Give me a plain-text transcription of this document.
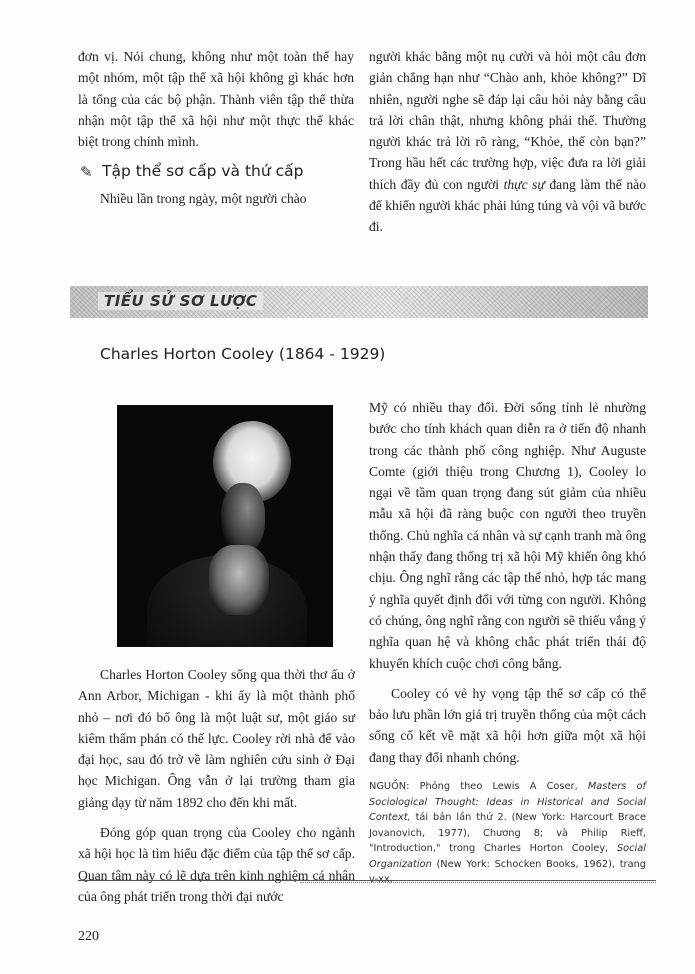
đơn vị. Nói chung, không như một toàn thể hay một nhóm, một tập thể xã hội không gì khác hơn là tổng của các bộ phận. Thành viên tập thể thừa nhận một tập thể xã hội như một thực thể khác biệt trong chính mình.

người khác bằng một nụ cười và hỏi một câu đơn giản chẳng hạn như “Chào anh, khỏe không?” Dĩ nhiên, người nghe sẽ đáp lại câu hỏi này bằng câu trả lời chân thật, nhưng không phải thế. Thường người khác trả lời rõ ràng, “Khỏe, thế còn bạn?” Trong hầu hết các trường hợp, việc đưa ra lời giải thích đầy đủ con người thực sự đang làm thế nào để khiến người khác phải lúng túng và vội vã bước đi.

✎ Tập thể sơ cấp và thứ cấp

Nhiều lần trong ngày, một người chào

TIỂU SỬ SƠ LƯỢC
Charles Horton Cooley (1864 - 1929)

Charles Horton Cooley sống qua thời thơ ấu ở Ann Arbor, Michigan - khi ấy là một thành phố nhỏ – nơi đó bố ông là một luật sư, một giáo sư kiêm thẩm phán có thế lực. Cooley rời nhà để vào đại học, sau đó trở về làm nghiên cứu sinh ở Đại học Michigan. Ông vẫn ở lại trường tham gia giảng dạy từ năm 1892 cho đến khi mất.

Đóng góp quan trọng của Cooley cho ngành xã hội học là tìm hiểu đặc điểm của tập thể sơ cấp. Quan tâm này có lẽ dựa trên kinh nghiệm cá nhân của ông phát triển trong thời đại nước

Mỹ có nhiều thay đổi. Đời sống tỉnh lẻ nhường bước cho tính khách quan diễn ra ở tiến độ nhanh trong các thành phố công nghiệp. Như Auguste Comte (giới thiệu trong Chương 1), Cooley lo ngại về tầm quan trọng đang sút giảm của nhiều mẫu xã hội đã ràng buộc con người theo truyền thống. Chủ nghĩa cá nhân và sự cạnh tranh mà ông nhận thấy đang thống trị xã hội Mỹ khiến ông khó chịu. Ông nghĩ rằng các tập thể nhỏ, hợp tác mang ý nghĩa quyết định đối với từng con người. Không có chúng, ông nghĩ rằng con người sẽ thiếu vắng ý nghĩa quan hệ và không chắc phát triển thái độ khuyến khích cuộc chơi công bằng.

Cooley có vẻ hy vọng tập thể sơ cấp có thể bảo lưu phần lớn giá trị truyền thống của một cách sống cố kết về mặt xã hội hơn giữa một xã hội đang thay đổi nhanh chóng.

NGUỒN: Phỏng theo Lewis A Coser, Masters of Sociological Thought: Ideas in Historical and Social Context, tái bản lần thứ 2. (New York: Harcourt Brace Jovanovich, 1977), Chương 8; và Philip Rieff, "Introduction," trong Charles Horton Cooley, Social Organization (New York: Schocken Books, 1962), trang v-xx.
220
